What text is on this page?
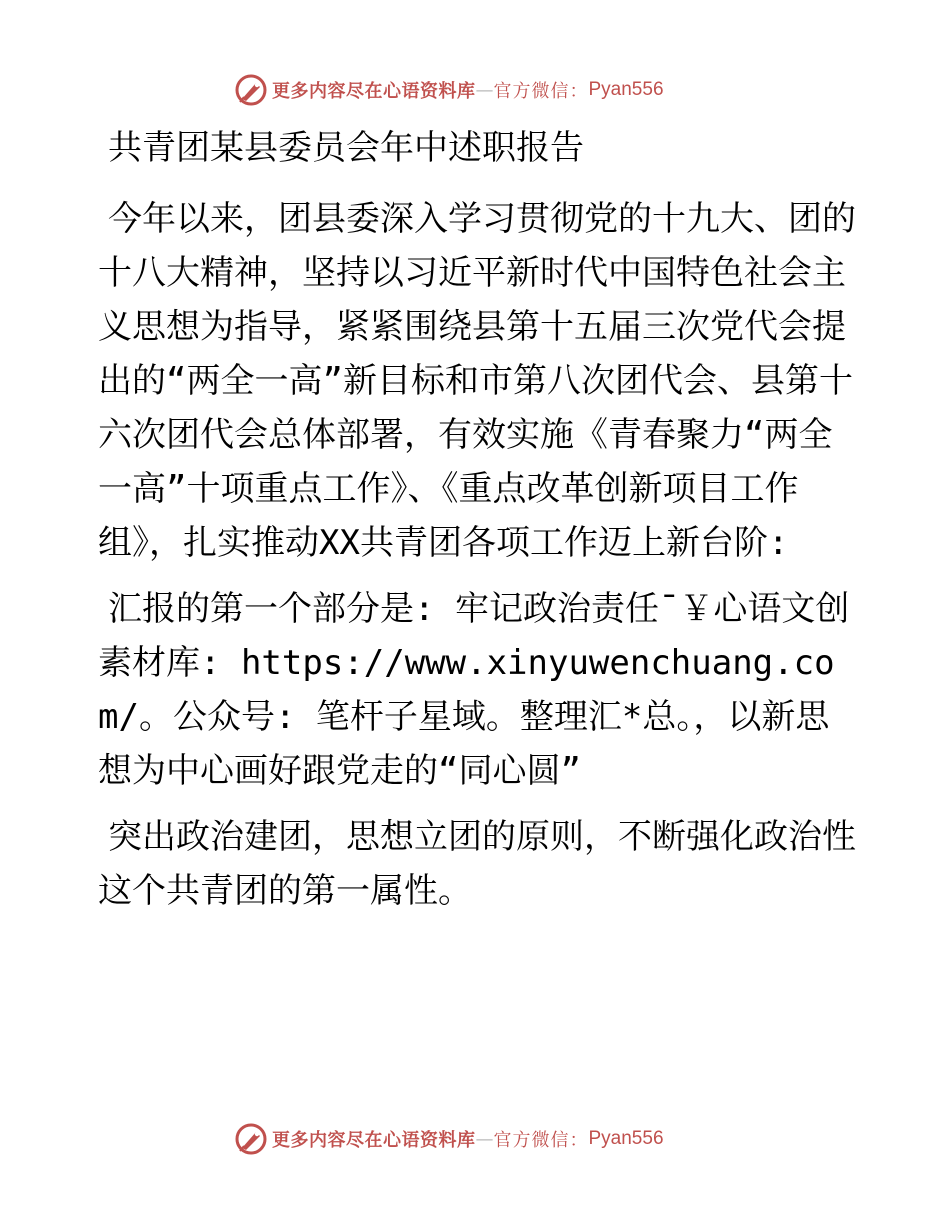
更多内容尽在心语资料库 — 官方微信： Pyan556

共青团某县委员会年中述职报告

今年以来，团县委深入学习贯彻党的十九大、团的十八大精神，坚持以习近平新时代中国特色社会主义思想为指导，紧紧围绕县第十五届三次党代会提出的“两全一高”新目标和市第八次团代会、县第十六次团代会总体部署，有效实施《青春聚力“两全一高”十项重点工作》、《重点改革创新项目工作组》，扎实推动XX共青团各项工作迈上新台阶:

汇报的第一个部分是: 牢记政治责任¯￥心语文创素材库: https://www.xinyuwenchuang.com/。公众号: 笔杆子星域。整理汇*总。，以新思想为中心画好跟党走的“同心圆”

突出政治建团，思想立团的原则，不断强化政治性这个共青团的第一属性。

更多内容尽在心语资料库 — 官方微信： Pyan556
